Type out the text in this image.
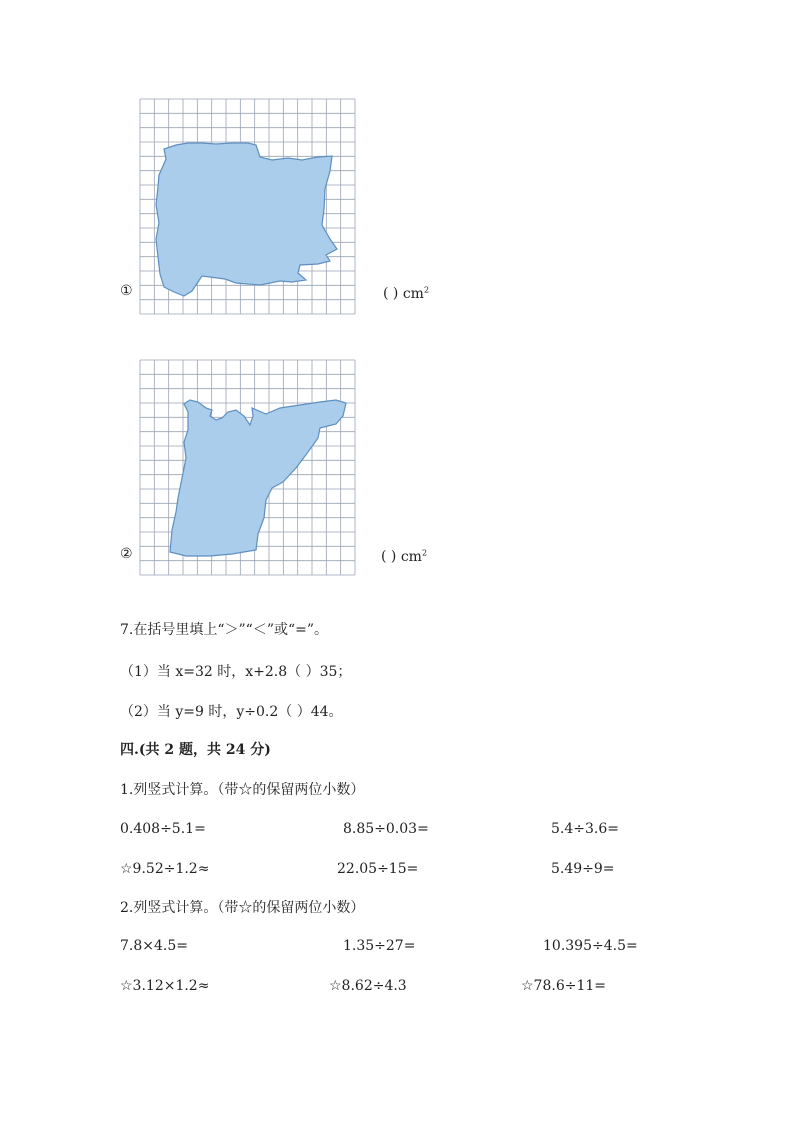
①	( ) $cm^2$
②	( ) $cm^2$
7.在括号里填上“＞”“＜”或“=”。
（1）当 x=32 时，x+2.8（ ）35；
（2）当 y=9 时，y÷0.2（ ）44。
四.(共 2 题，共 24 分)
1.列竖式计算。（带☆的保留两位小数）
0.408÷5.1=	8.85÷0.03=	5.4÷3.6=
☆9.52÷1.2≈	22.05÷15=	5.49÷9=
2.列竖式计算。（带☆的保留两位小数）
7.8×4.5=	1.35÷27=	10.395÷4.5=
☆3.12×1.2≈	☆8.62÷4.3	☆78.6÷11=
